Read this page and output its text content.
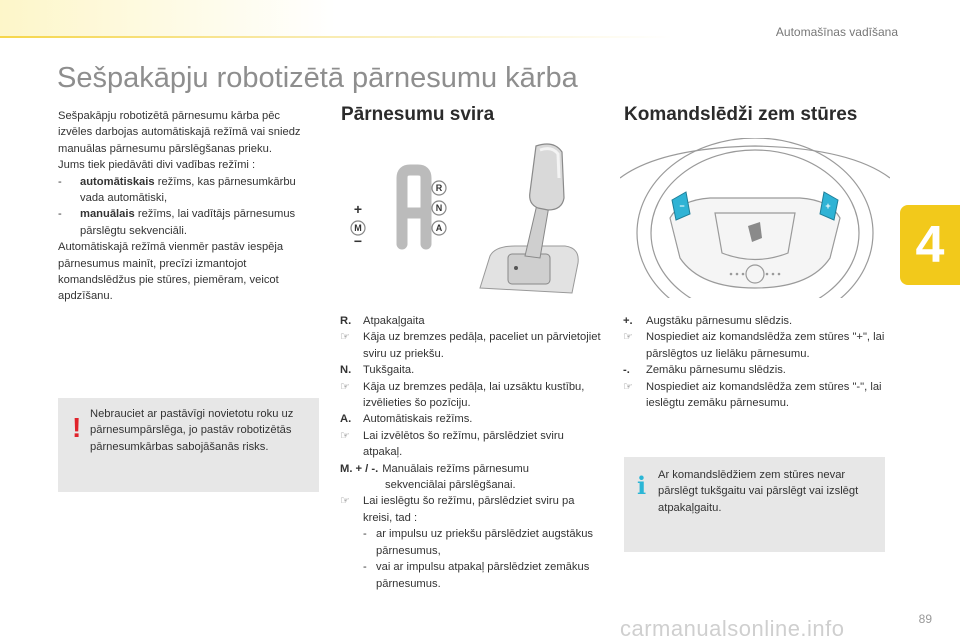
Automašīnas vadīšana
4
Sešpakāpju robotizētā pārnesumu kārba
Sešpakāpju robotizētā pārnesumu kārba pēc izvēles darbojas automātiskajā režīmā vai sniedz manuālas pārnesumu pārslēgšanas prieku.
Jums tiek piedāvāti divi vadības režīmi :
-	automātiskais režīms, kas pārnesumkārbu vada automātiski,
-	manuālais režīms, lai vadītājs pārnesumus pārslēgtu sekvenciāli.
Automātiskajā režīmā vienmēr pastāv iespēja pārnesumus mainīt, precīzi izmantojot komandslēdžus pie stūres, piemēram, veicot apdzīšanu.
! Nebrauciet ar pastāvīgi novietotu roku uz pārnesumpārslēga, jo pastāv robotizētās pārnesumkārbas sabojāšanās risks.
Pārnesumu svira
R
N
A
M
+
−
R.	Atpakaļgaita
☞	Kāja uz bremzes pedāļa, paceliet un pārvietojiet sviru uz priekšu.
N.	Tukšgaita.
☞	Kāja uz bremzes pedāļa, lai uzsāktu kustību, izvēlieties šo pozīciju.
A.	Automātiskais režīms.
☞	Lai izvēlētos šo režīmu, pārslēdziet sviru atpakaļ.
M. + / -. Manuālais režīms pārnesumu
sekvenciālai pārslēgšanai.
☞	Lai ieslēgtu šo režīmu, pārslēdziet sviru pa kreisi, tad :
- ar impulsu uz priekšu pārslēdziet augstākus pārnesumus,
- vai ar impulsu atpakaļ pārslēdziet zemākus pārnesumus.
Komandslēdži zem stūres
−	+
+.	Augstāku pārnesumu slēdzis.
☞	Nospiediet aiz komandslēdža zem stūres "+", lai pārslēgtos uz lielāku pārnesumu.
-.	Zemāku pārnesumu slēdzis.
☞	Nospiediet aiz komandslēdža zem stūres "-", lai ieslēgtu zemāku pārnesumu.
i Ar komandslēdžiem zem stūres nevar pārslēgt tukšgaitu vai pārslēgt vai izslēgt atpakaļgaitu.
89
carmanualsonline.info
